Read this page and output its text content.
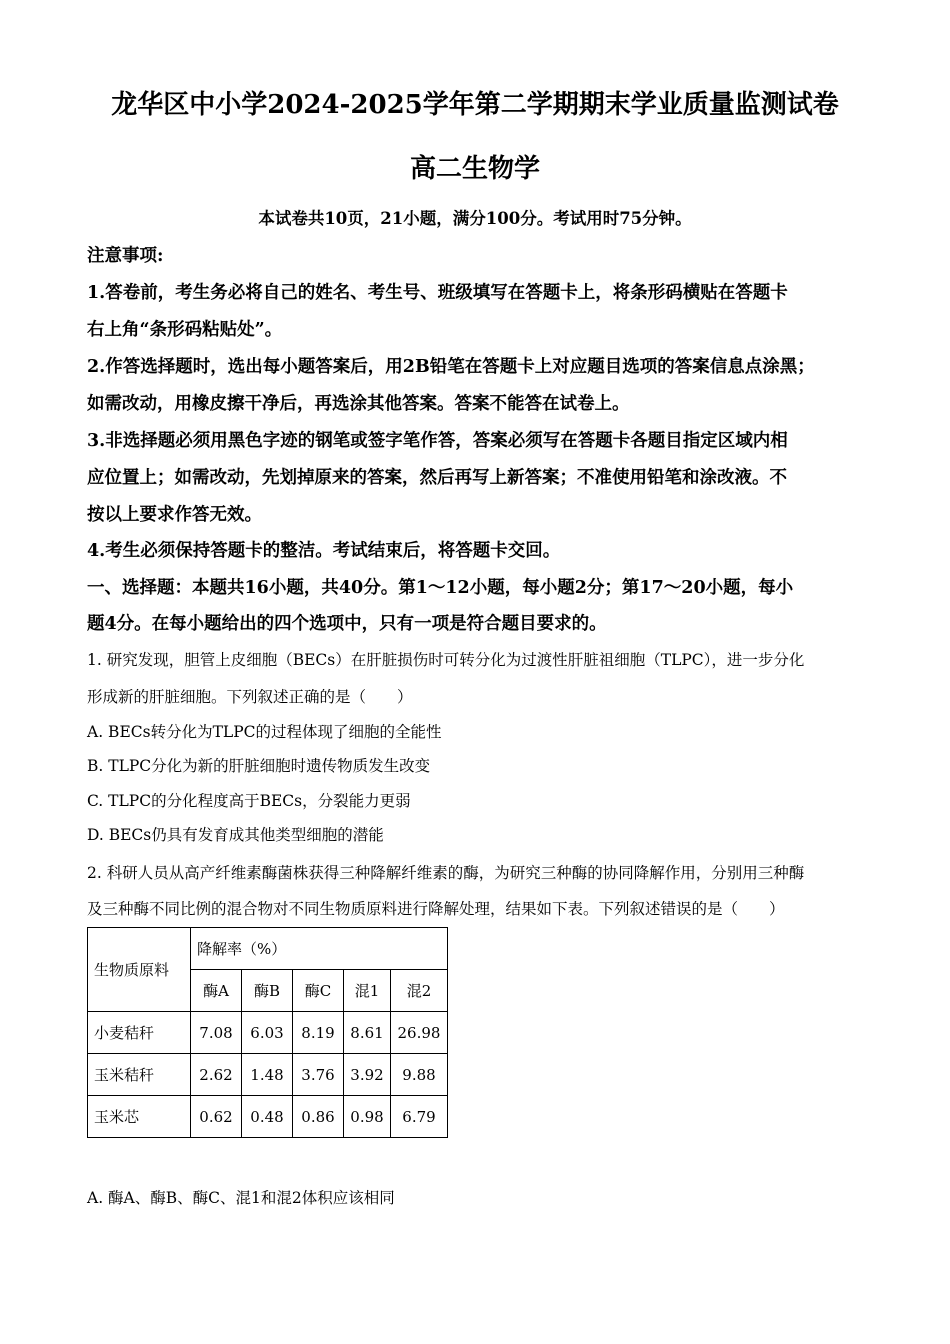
龙华区中小学2024-2025学年第二学期期末学业质量监测试卷
高二生物学
本试卷共10页，21小题，满分100分。考试用时75分钟。
注意事项:
1.答卷前，考生务必将自己的姓名、考生号、班级填写在答题卡上，将条形码横贴在答题卡
右上角“条形码粘贴处”。
2.作答选择题时，选出每小题答案后，用2B铅笔在答题卡上对应题目选项的答案信息点涂黑；
如需改动，用橡皮擦干净后，再选涂其他答案。答案不能答在试卷上。
3.非选择题必须用黑色字迹的钢笔或签字笔作答，答案必须写在答题卡各题目指定区域内相
应位置上；如需改动，先划掉原来的答案，然后再写上新答案；不准使用铅笔和涂改液。不
按以上要求作答无效。
4.考生必须保持答题卡的整洁。考试结束后，将答题卡交回。
一、选择题：本题共16小题，共40分。第1～12小题，每小题2分；第17～20小题，每小
题4分。在每小题给出的四个选项中，只有一项是符合题目要求的。
1. 研究发现，胆管上皮细胞（BECs）在肝脏损伤时可转分化为过渡性肝脏祖细胞（TLPC），进一步分化
形成新的肝脏细胞。下列叙述正确的是（　　）
A. BECs转分化为TLPC的过程体现了细胞的全能性
B. TLPC分化为新的肝脏细胞时遗传物质发生改变
C. TLPC的分化程度高于BECs，分裂能力更弱
D. BECs仍具有发育成其他类型细胞的潜能
2. 科研人员从高产纤维素酶菌株获得三种降解纤维素的酶，为研究三种酶的协同降解作用，分别用三种酶
及三种酶不同比例的混合物对不同生物质原料进行降解处理，结果如下表。下列叙述错误的是（　　）
生物质原料	降解率（%）				
	酶A	酶B	酶C	混1	混2
小麦秸秆	7.08	6.03	8.19	8.61	26.98
玉米秸秆	2.62	1.48	3.76	3.92	9.88
玉米芯	0.62	0.48	0.86	0.98	6.79
A. 酶A、酶B、酶C、混1和混2体积应该相同
